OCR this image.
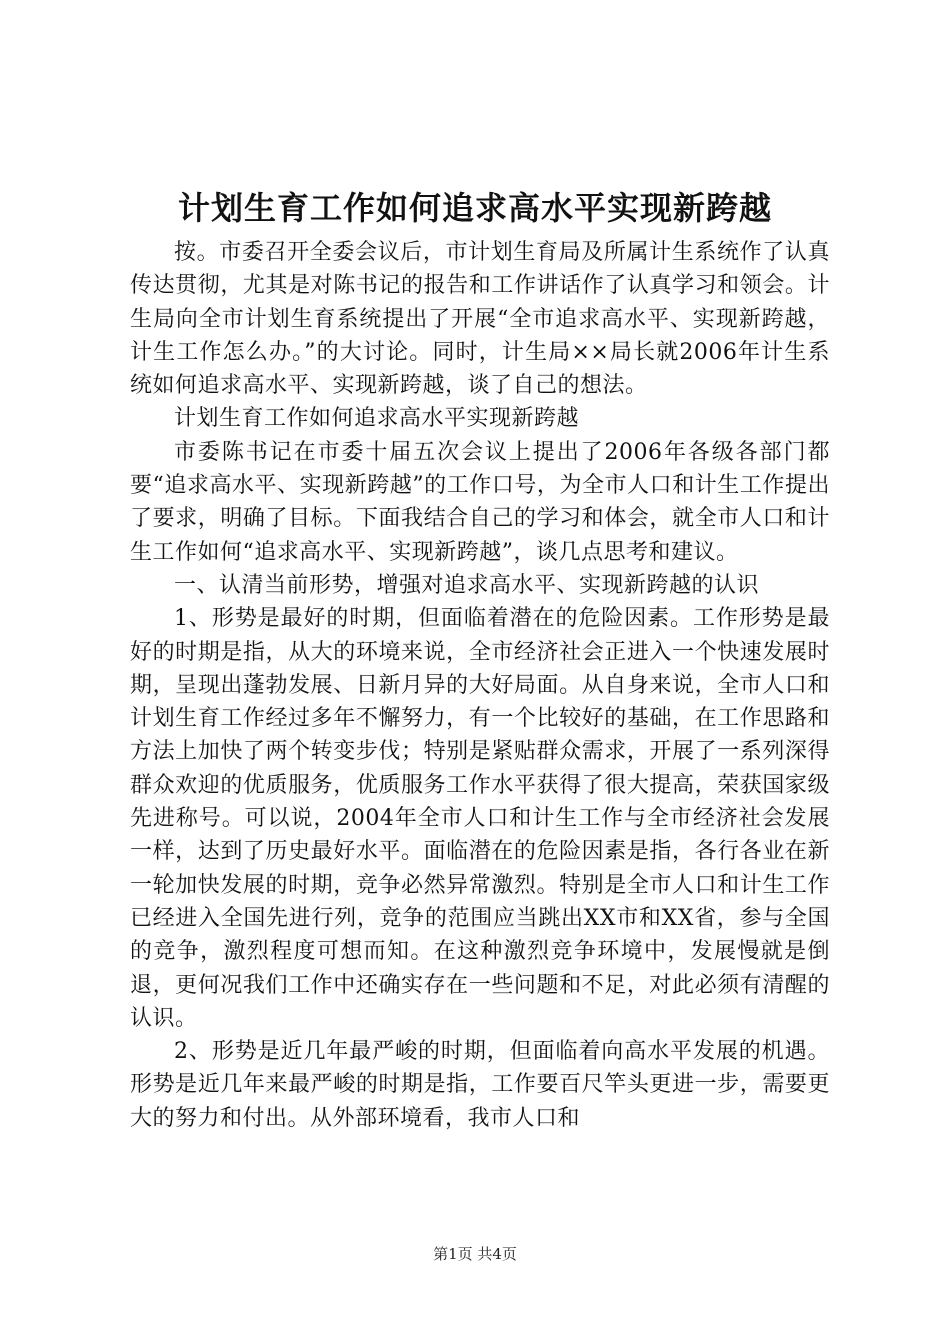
计划生育工作如何追求高水平实现新跨越

按。市委召开全委会议后，市计划生育局及所属计生系统作了认真传达贯彻，尤其是对陈书记的报告和工作讲话作了认真学习和领会。计生局向全市计划生育系统提出了开展“全市追求高水平、实现新跨越，计生工作怎么办。”的大讨论。同时，计生局××局长就2006年计生系统如何追求高水平、实现新跨越，谈了自己的想法。

计划生育工作如何追求高水平实现新跨越

市委陈书记在市委十届五次会议上提出了2006年各级各部门都要“追求高水平、实现新跨越”的工作口号，为全市人口和计生工作提出了要求，明确了目标。下面我结合自己的学习和体会，就全市人口和计生工作如何“追求高水平、实现新跨越”，谈几点思考和建议。

一、认清当前形势，增强对追求高水平、实现新跨越的认识

1、形势是最好的时期，但面临着潜在的危险因素。工作形势是最好的时期是指，从大的环境来说，全市经济社会正进入一个快速发展时期，呈现出蓬勃发展、日新月异的大好局面。从自身来说，全市人口和计划生育工作经过多年不懈努力，有一个比较好的基础，在工作思路和方法上加快了两个转变步伐；特别是紧贴群众需求，开展了一系列深得群众欢迎的优质服务，优质服务工作水平获得了很大提高，荣获国家级先进称号。可以说，2004年全市人口和计生工作与全市经济社会发展一样，达到了历史最好水平。面临潜在的危险因素是指，各行各业在新一轮加快发展的时期，竞争必然异常激烈。特别是全市人口和计生工作已经进入全国先进行列，竞争的范围应当跳出XX市和XX省，参与全国的竞争，激烈程度可想而知。在这种激烈竞争环境中，发展慢就是倒退，更何况我们工作中还确实存在一些问题和不足，对此必须有清醒的认识。

2、形势是近几年最严峻的时期，但面临着向高水平发展的机遇。形势是近几年来最严峻的时期是指，工作要百尺竿头更进一步，需要更大的努力和付出。从外部环境看，我市人口和

第1页 共4页
